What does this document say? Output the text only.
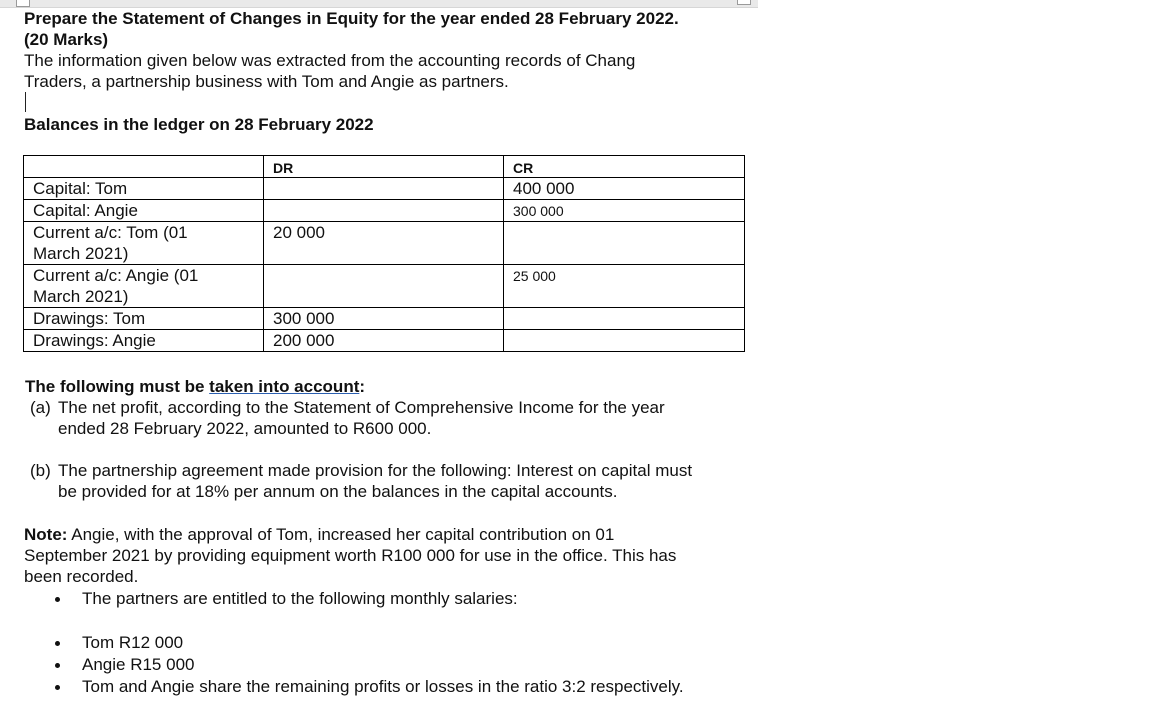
Prepare the Statement of Changes in Equity for the year ended 28 February 2022.
(20 Marks)
The information given below was extracted from the accounting records of Chang
Traders, a partnership business with Tom and Angie as partners.
Balances in the ledger on 28 February 2022
	DR	CR
Capital: Tom		400 000
Capital: Angie		300 000
Current a/c: Tom (01
March 2021)	20 000	
Current a/c: Angie (01
March 2021)		25 000
Drawings: Tom	300 000	
Drawings: Angie	200 000	
The following must be taken into account:
(a) The net profit, according to the Statement of Comprehensive Income for the year
ended 28 February 2022, amounted to R600 000.
(b) The partnership agreement made provision for the following: Interest on capital must
be provided for at 18% per annum on the balances in the capital accounts.
Note: Angie, with the approval of Tom, increased her capital contribution on 01
September 2021 by providing equipment worth R100 000 for use in the office. This has
been recorded.
The partners are entitled to the following monthly salaries:
Tom R12 000
Angie R15 000
Tom and Angie share the remaining profits or losses in the ratio 3:2 respectively.
